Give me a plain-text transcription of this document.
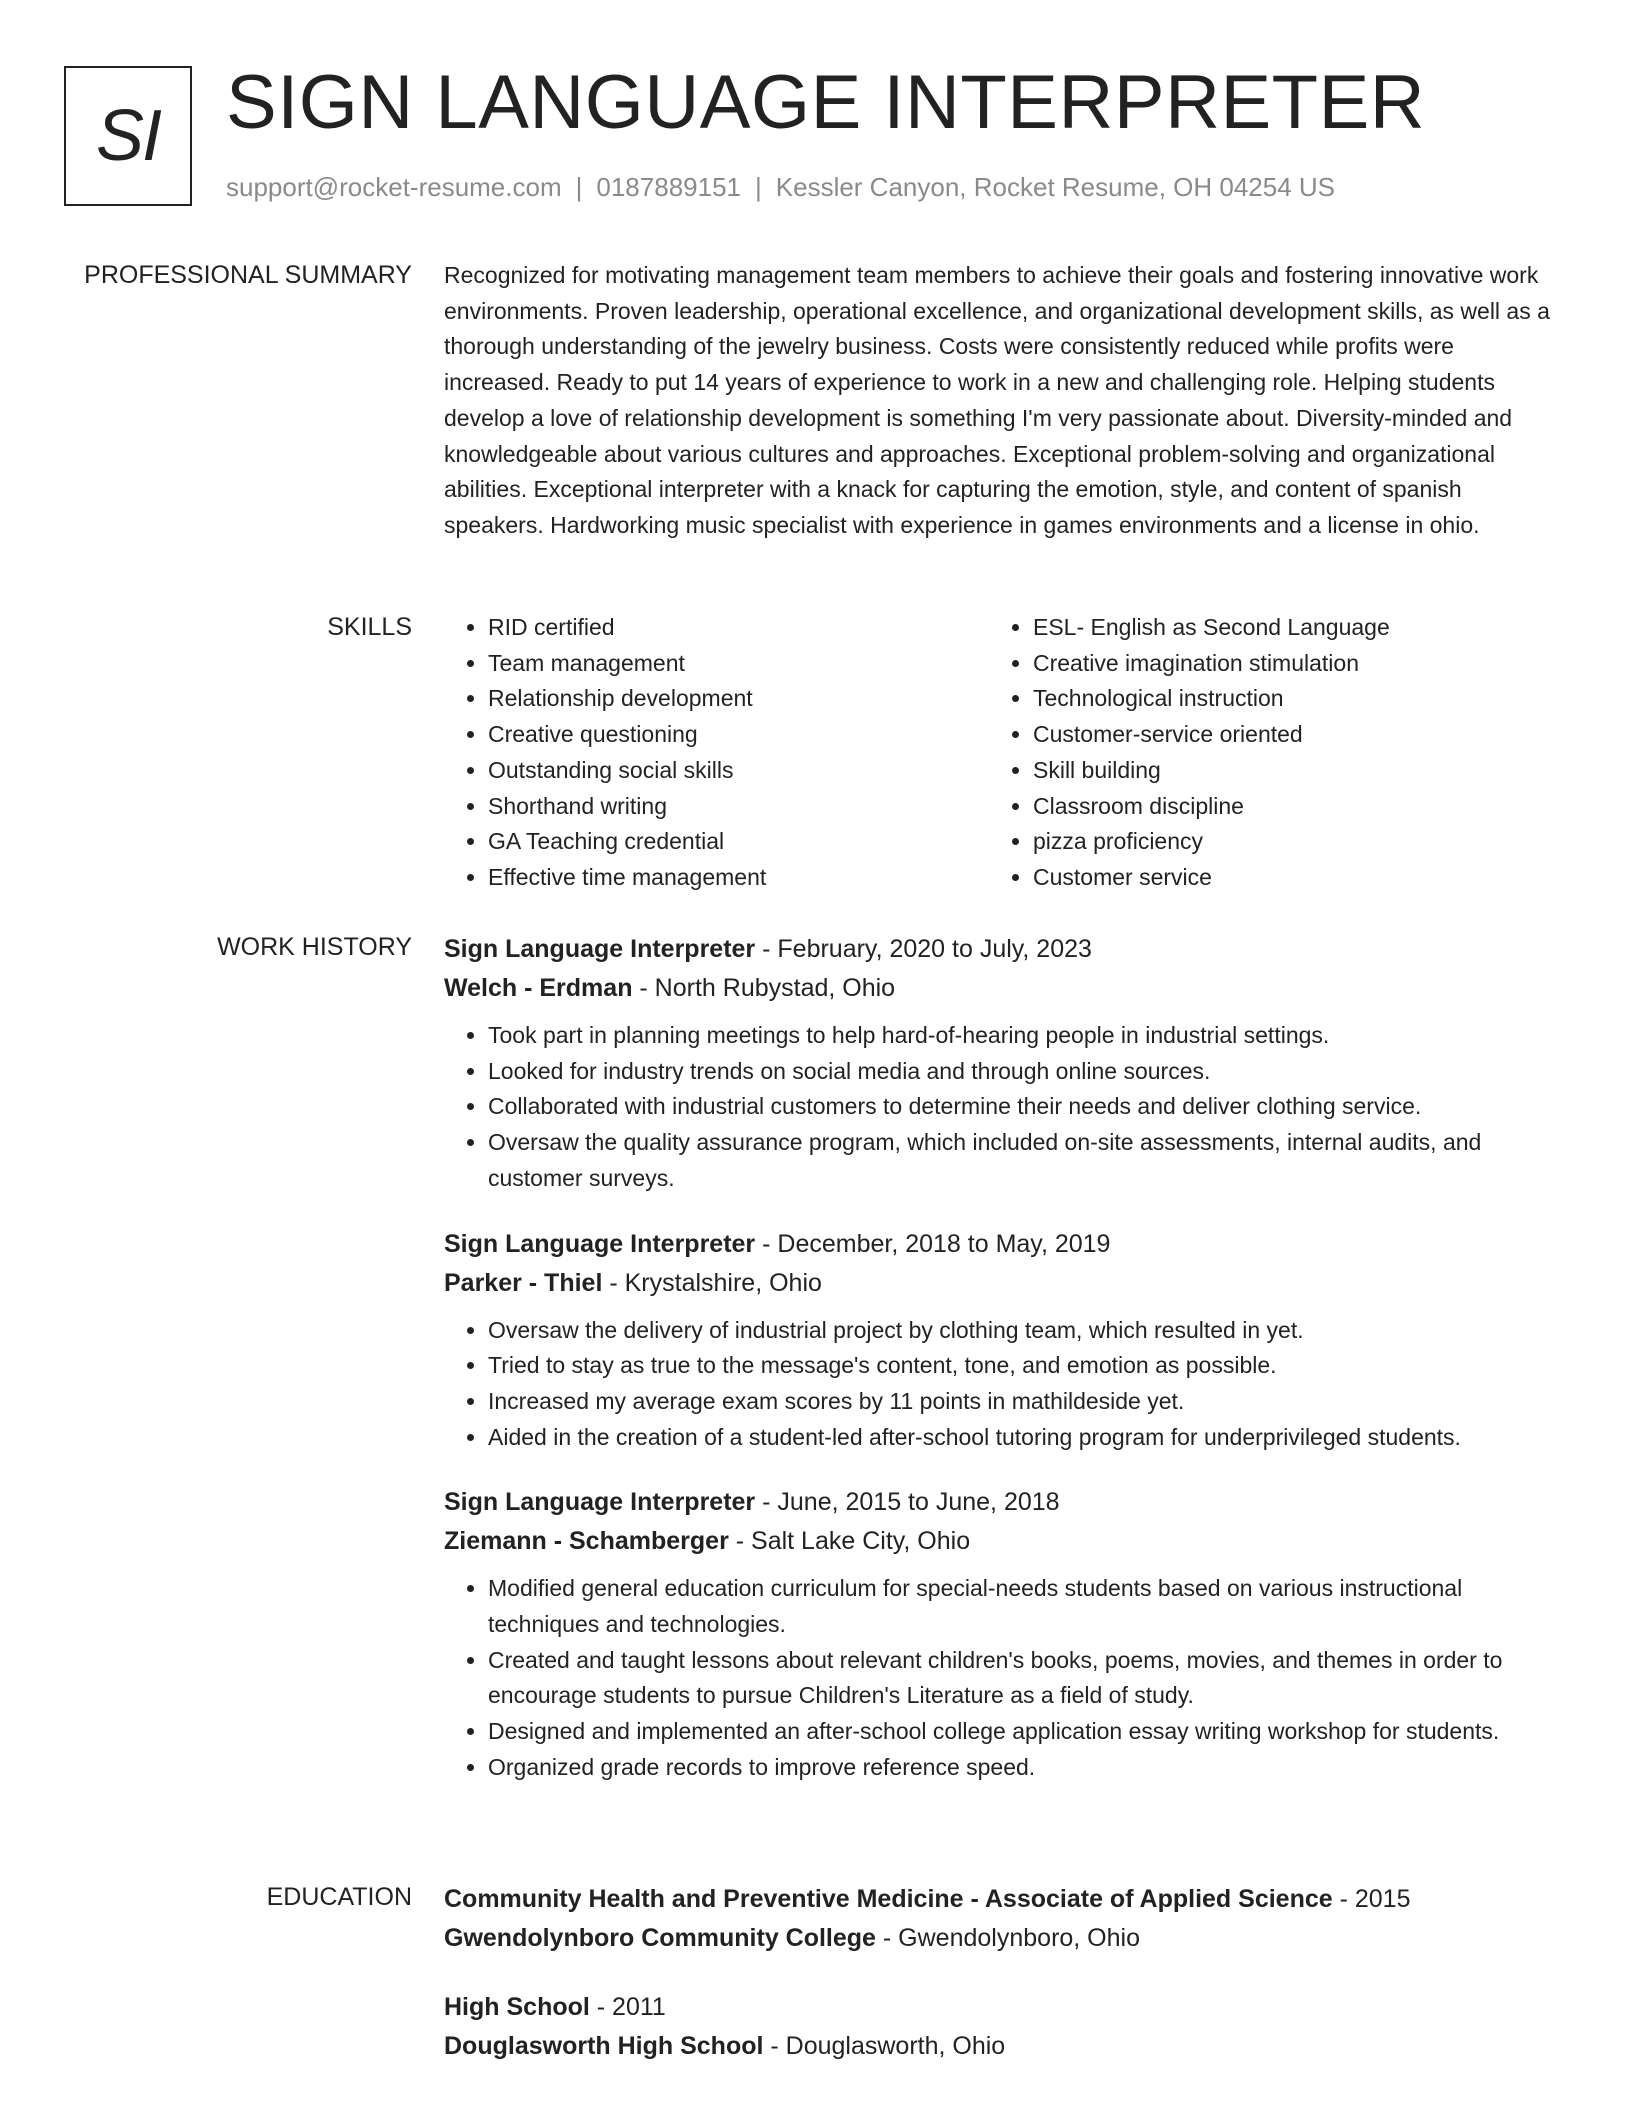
SI SIGN LANGUAGE INTERPRETER
support@rocket-resume.com | 0187889151 | Kessler Canyon, Rocket Resume, OH 04254 US
PROFESSIONAL SUMMARY Recognized for motivating management team members to achieve their goals and fostering innovative work environments. Proven leadership, operational excellence, and organizational development skills, as well as a thorough understanding of the jewelry business. Costs were consistently reduced while profits were increased. Ready to put 14 years of experience to work in a new and challenging role. Helping students develop a love of relationship development is something I'm very passionate about. Diversity-minded and knowledgeable about various cultures and approaches. Exceptional problem-solving and organizational abilities. Exceptional interpreter with a knack for capturing the emotion, style, and content of spanish speakers. Hardworking music specialist with experience in games environments and a license in ohio.

SKILLS
•	RID certified
• Team management
• Relationship development
• Creative questioning
• Outstanding social skills
• Shorthand writing
• GA Teaching credential
• Effective time management
• ESL- English as Second Language
• Creative imagination stimulation
• Technological instruction
• Customer-service oriented
• Skill building
• Classroom discipline
• pizza proficiency
• Customer service
WORK HISTORY Sign Language Interpreter - February, 2020 to July, 2023
Welch - Erdman - North Rubystad, Ohio
• Took part in planning meetings to help hard-of-hearing people in industrial settings.
• Looked for industry trends on social media and through online sources.
• Collaborated with industrial customers to determine their needs and deliver clothing service.
• Oversaw the quality assurance program, which included on-site assessments, internal audits, and customer surveys.
Sign Language Interpreter - December, 2018 to May, 2019
Parker - Thiel - Krystalshire, Ohio
• Oversaw the delivery of industrial project by clothing team, which resulted in yet.
• Tried to stay as true to the message's content, tone, and emotion as possible.
• Increased my average exam scores by 11 points in mathildeside yet.
• Aided in the creation of a student-led after-school tutoring program for underprivileged students.
Sign Language Interpreter - June, 2015 to June, 2018
Ziemann - Schamberger - Salt Lake City, Ohio
• Modified general education curriculum for special-needs students based on various instructional techniques and technologies.
• Created and taught lessons about relevant children's books, poems, movies, and themes in order to encourage students to pursue Children's Literature as a field of study.
• Designed and implemented an after-school college application essay writing workshop for students.
• Organized grade records to improve reference speed.
EDUCATION Community Health and Preventive Medicine - Associate of Applied Science - 2015
Gwendolynboro Community College - Gwendolynboro, Ohio
High School - 2011
Douglasworth High School - Douglasworth, Ohio
